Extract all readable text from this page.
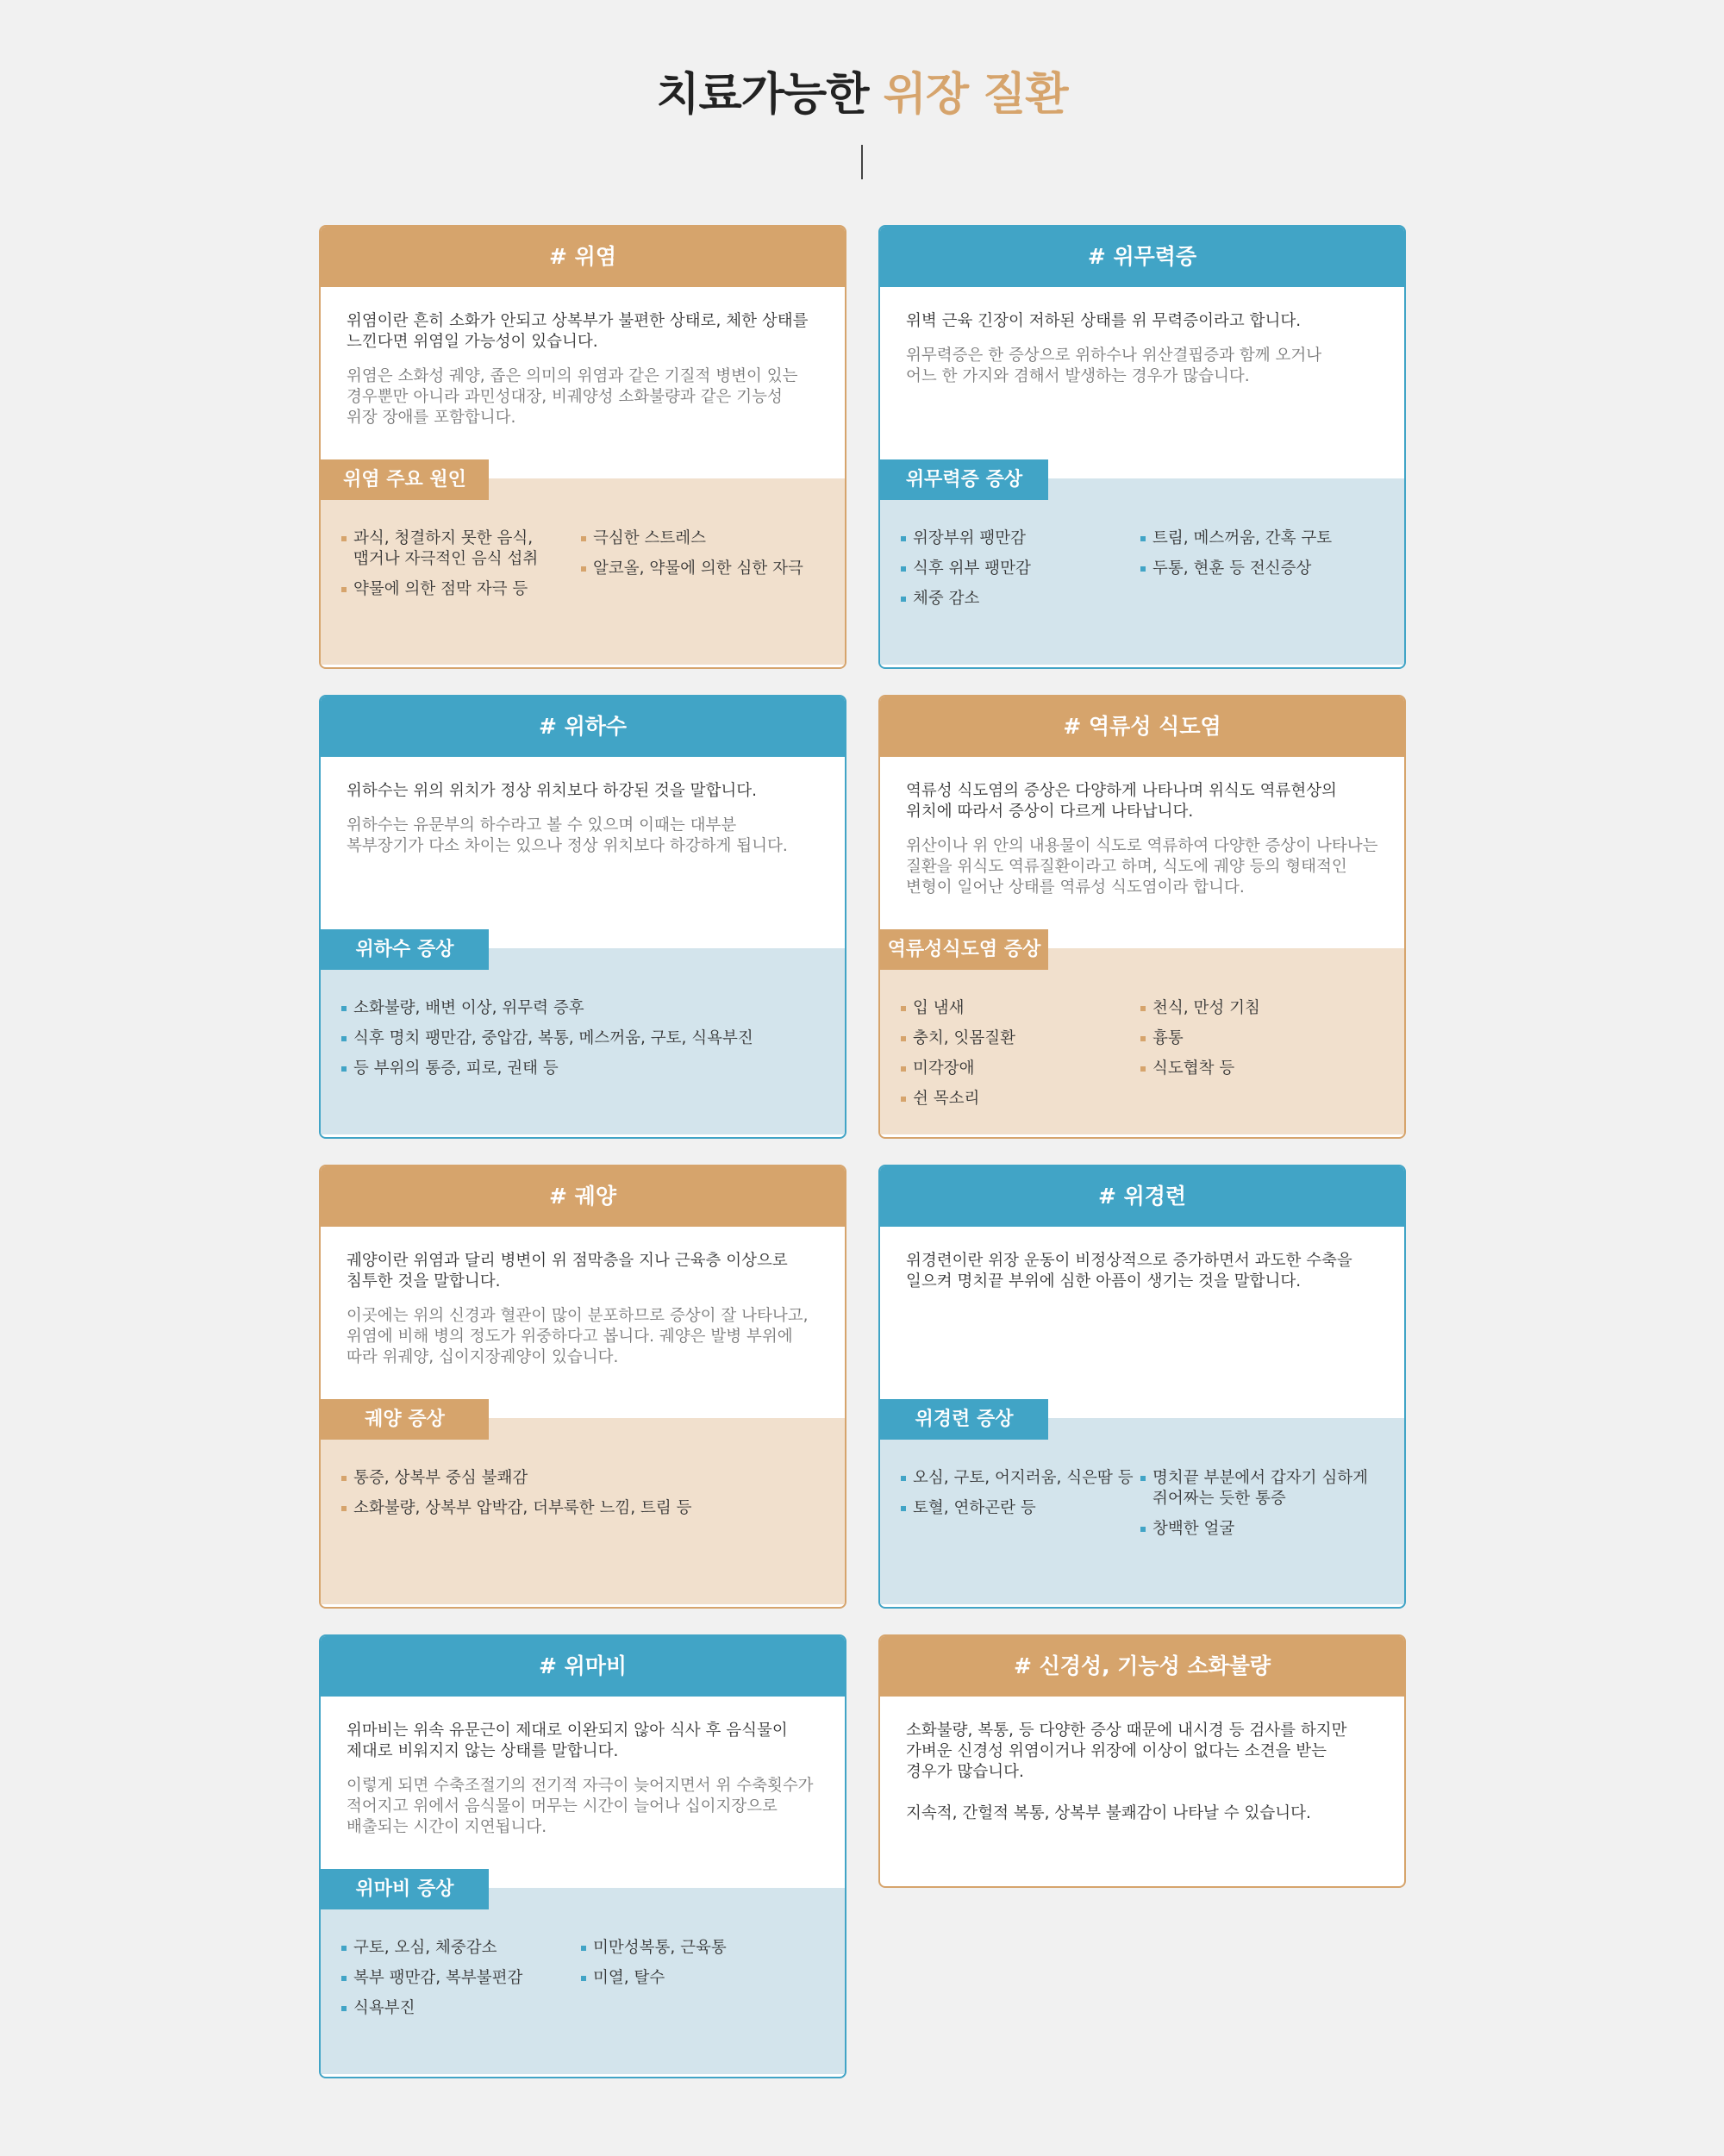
치료가능한 위장 질환
# 위염

위염이란 흔히 소화가 안되고 상복부가 불편한 상태로, 체한 상태를
느낀다면 위염일 가능성이 있습니다.

위염은 소화성 궤양, 좁은 의미의 위염과 같은 기질적 병변이 있는
경우뿐만 아니라 과민성대장, 비궤양성 소화불량과 같은 기능성
위장 장애를 포함합니다.

위염 주요 원인
과식, 청결하지 못한 음식,
맵거나 자극적인 음식 섭취
약물에 의한 점막 자극 등
극심한 스트레스
알코올, 약물에 의한 심한 자극
# 위무력증

위벽 근육 긴장이 저하된 상태를 위 무력증이라고 합니다.

위무력증은 한 증상으로 위하수나 위산결핍증과 함께 오거나
어느 한 가지와 겸해서 발생하는 경우가 많습니다.

위무력증 증상
위장부위 팽만감
식후 위부 팽만감
체중 감소
트림, 메스꺼움, 간혹 구토
두통, 현훈 등 전신증상
# 위하수

위하수는 위의 위치가 정상 위치보다 하강된 것을 말합니다.

위하수는 유문부의 하수라고 볼 수 있으며 이때는 대부분
복부장기가 다소 차이는 있으나 정상 위치보다 하강하게 됩니다.

위하수 증상
소화불량, 배변 이상, 위무력 증후
식후 명치 팽만감, 중압감, 복통, 메스꺼움, 구토, 식욕부진
등 부위의 통증, 피로, 권태 등
# 역류성 식도염

역류성 식도염의 증상은 다양하게 나타나며 위식도 역류현상의
위치에 따라서 증상이 다르게 나타납니다.

위산이나 위 안의 내용물이 식도로 역류하여 다양한 증상이 나타나는
질환을 위식도 역류질환이라고 하며, 식도에 궤양 등의 형태적인
변형이 일어난 상태를 역류성 식도염이라 합니다.

역류성식도염 증상
입 냄새
충치, 잇몸질환
미각장애
쉰 목소리
천식, 만성 기침
흉통
식도협착 등
# 궤양

궤양이란 위염과 달리 병변이 위 점막층을 지나 근육층 이상으로
침투한 것을 말합니다.

이곳에는 위의 신경과 혈관이 많이 분포하므로 증상이 잘 나타나고,
위염에 비해 병의 정도가 위중하다고 봅니다. 궤양은 발병 부위에
따라 위궤양, 십이지장궤양이 있습니다.

궤양 증상
통증, 상복부 중심 불쾌감
소화불량, 상복부 압박감, 더부룩한 느낌, 트림 등
# 위경련

위경련이란 위장 운동이 비정상적으로 증가하면서 과도한 수축을
일으켜 명치끝 부위에 심한 아픔이 생기는 것을 말합니다.

위경련 증상
오심, 구토, 어지러움, 식은땀 등
토혈, 연하곤란 등
명치끝 부분에서 갑자기 심하게
쥐어짜는 듯한 통증
창백한 얼굴
# 위마비

위마비는 위속 유문근이 제대로 이완되지 않아 식사 후 음식물이
제대로 비워지지 않는 상태를 말합니다.

이렇게 되면 수축조절기의 전기적 자극이 늦어지면서 위 수축횟수가
적어지고 위에서 음식물이 머무는 시간이 늘어나 십이지장으로
배출되는 시간이 지연됩니다.

위마비 증상
구토, 오심, 체중감소
복부 팽만감, 복부불편감
식욕부진
미만성복통, 근육통
미열, 탈수
# 신경성, 기능성 소화불량

소화불량, 복통, 등 다양한 증상 때문에 내시경 등 검사를 하지만
가벼운 신경성 위염이거나 위장에 이상이 없다는 소견을 받는
경우가 많습니다.

지속적, 간헐적 복통, 상복부 불쾌감이 나타날 수 있습니다.
